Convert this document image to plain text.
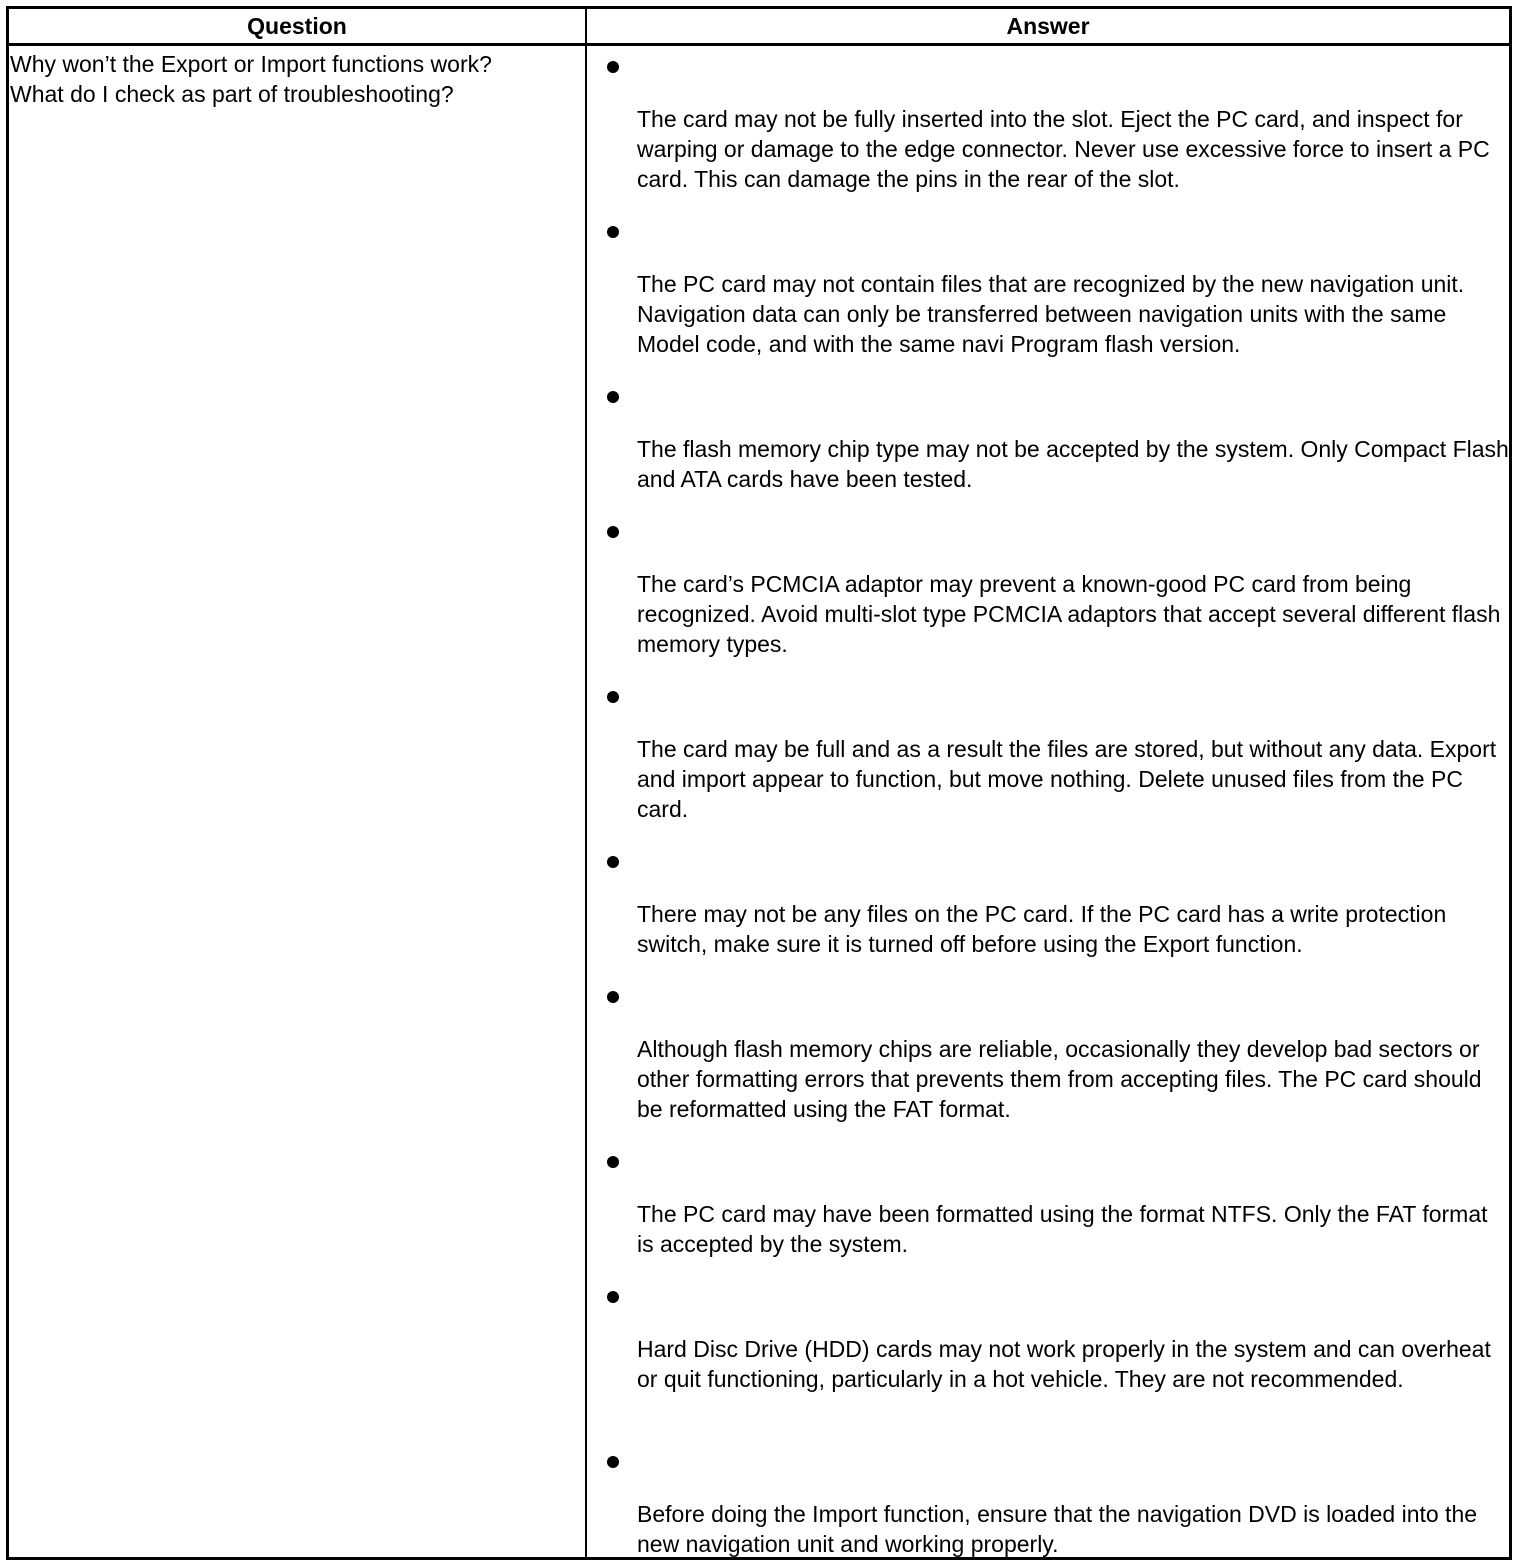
Question	Answer
Why won’t the Export or Import functions work?
What do I check as part of troubleshooting?
The card may not be fully inserted into the slot. Eject the PC card, and inspect for warping or damage to the edge connector. Never use excessive force to insert a PC card. This can damage the pins in the rear of the slot.
The PC card may not contain files that are recognized by the new navigation unit. Navigation data can only be transferred between navigation units with the same Model code, and with the same navi Program flash version.
The flash memory chip type may not be accepted by the system. Only Compact Flash and ATA cards have been tested.
The card’s PCMCIA adaptor may prevent a known-good PC card from being recognized. Avoid multi-slot type PCMCIA adaptors that accept several different flash memory types.
The card may be full and as a result the files are stored, but without any data. Export and import appear to function, but move nothing. Delete unused files from the PC card.
There may not be any files on the PC card. If the PC card has a write protection switch, make sure it is turned off before using the Export function.
Although flash memory chips are reliable, occasionally they develop bad sectors or other formatting errors that prevents them from accepting files. The PC card should be reformatted using the FAT format.
The PC card may have been formatted using the format NTFS. Only the FAT format is accepted by the system.
Hard Disc Drive (HDD) cards may not work properly in the system and can overheat or quit functioning, particularly in a hot vehicle. They are not recommended.
Before doing the Import function, ensure that the navigation DVD is loaded into the new navigation unit and working properly.
